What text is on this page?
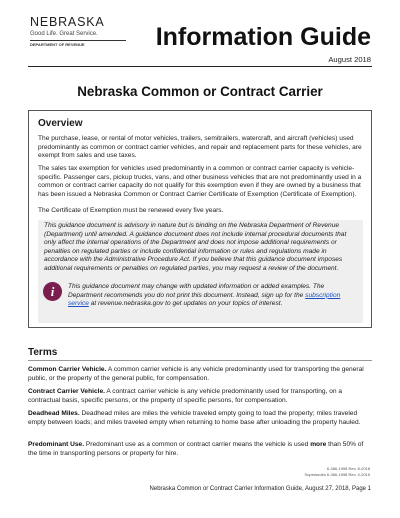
NEBRASKA
Good Life. Great Service.
DEPARTMENT OF REVENUE	Information Guide
August 2018
Nebraska Common or Contract Carrier
Overview
The purchase, lease, or rental of motor vehicles, trailers, semitrailers, watercraft, and aircraft (vehicles) used predominantly as common or contract carrier vehicles, and repair and replacement parts for these vehicles, are exempt from sales and use taxes.
The sales tax exemption for vehicles used predominantly in a common or contract carrier capacity is vehicle-specific. Passenger cars, pickup trucks, vans, and other business vehicles that are not predominantly used in a common or contract carrier capacity do not qualify for this exemption even if they are owned by a business that has been issued a Nebraska Common or Contract Carrier Certificate of Exemption (Certificate of Exemption).
The Certificate of Exemption must be renewed every five years.
This guidance document is advisory in nature but is binding on the Nebraska Department of Revenue (Department) until amended. A guidance document does not include internal procedural documents that only affect the internal operations of the Department and does not impose additional requirements or penalties on regulated parties or include confidential information or rules and regulations made in accordance with the Administrative Procedure Act. If you believe that this guidance document imposes additional requirements or penalties on regulated parties, you may request a review of the document.
i	This guidance document may change with updated information or added examples. The Department recommends you do not print this document. Instead, sign up for the subscription service at revenue.nebraska.gov to get updates on your topics of interest.
Terms
Common Carrier Vehicle. A common carrier vehicle is any vehicle predominantly used for transporting the general public, or the property of the general public, for compensation.
Contract Carrier Vehicle. A contract carrier vehicle is any vehicle predominantly used for transporting, on a contractual basis, specific persons, or the property of specific persons, for compensation.
Deadhead Miles. Deadhead miles are miles the vehicle traveled empty going to load the property; miles traveled empty between loads; and miles traveled empty when returning to home base after unloading the property hauled.
Predominant Use. Predominant use as a common or contract carrier means the vehicle is used more than 50% of the time in transporting persons or property for hire.
6-366-1998 Rev. 8-2018
Supersedes 6-366-1998 Rev. 4-2015
Nebraska Common or Contract Carrier Information Guide, August 27, 2018, Page 1
